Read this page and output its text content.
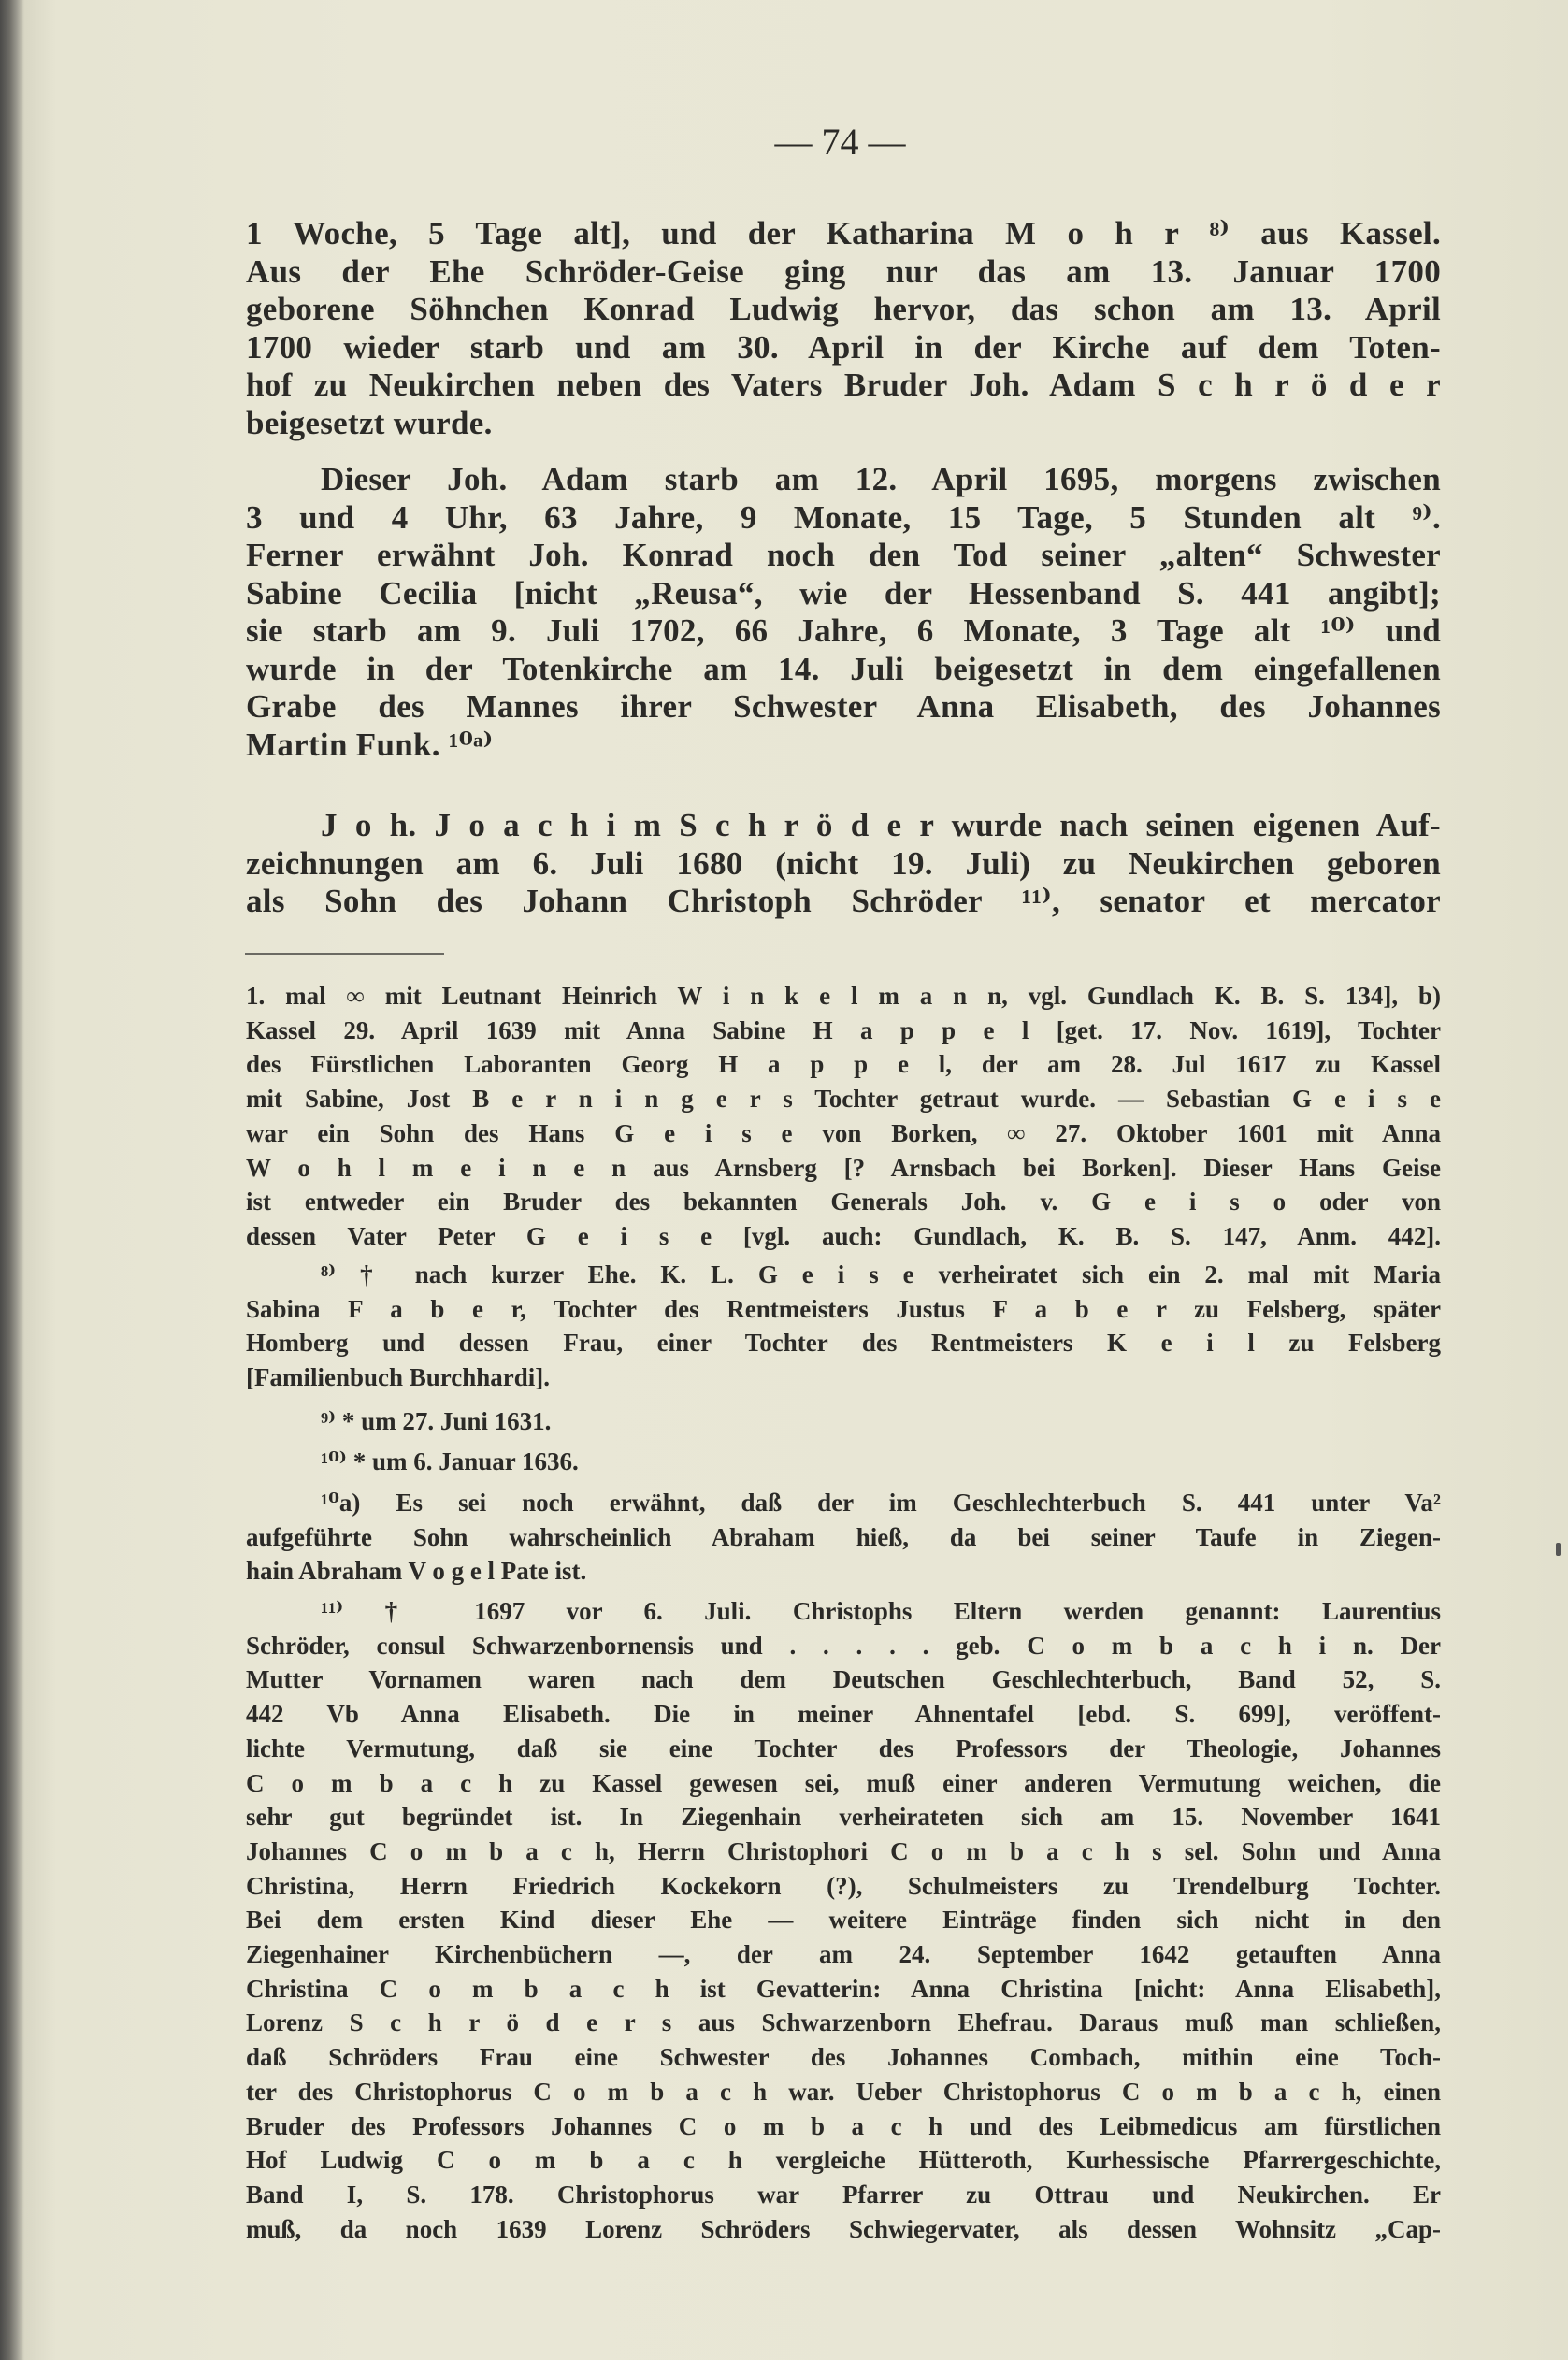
— 74 —
1 Woche, 5 Tage alt], und der Katharina M o h r ⁸⁾ aus Kassel.
Aus der Ehe Schröder-Geise ging nur das am 13. Januar 1700
geborene Söhnchen Konrad Ludwig hervor, das schon am 13. April
1700 wieder starb und am 30. April in der Kirche auf dem Toten-
hof zu Neukirchen neben des Vaters Bruder Joh. Adam S c h r ö d e r
beigesetzt wurde.
Dieser Joh. Adam starb am 12. April 1695, morgens zwischen
3 und 4 Uhr, 63 Jahre, 9 Monate, 15 Tage, 5 Stunden alt ⁹⁾.
Ferner erwähnt Joh. Konrad noch den Tod seiner „alten“ Schwester
Sabine Cecilia [nicht „Reusa“, wie der Hessenband S. 441 angibt];
sie starb am 9. Juli 1702, 66 Jahre, 6 Monate, 3 Tage alt ¹⁰⁾ und
wurde in der Totenkirche am 14. Juli beigesetzt in dem eingefallenen
Grabe des Mannes ihrer Schwester Anna Elisabeth, des Johannes
Martin Funk. ¹⁰ᵃ⁾
J o h. J o a c h i m S c h r ö d e r wurde nach seinen eigenen Auf-
zeichnungen am 6. Juli 1680 (nicht 19. Juli) zu Neukirchen geboren
als Sohn des Johann Christoph Schröder ¹¹⁾, senator et mercator
1. mal ∞ mit Leutnant Heinrich W i n k e l m a n n, vgl. Gundlach K. B. S. 134], b)
Kassel 29. April 1639 mit Anna Sabine H a p p e l [get. 17. Nov. 1619], Tochter
des Fürstlichen Laboranten Georg H a p p e l, der am 28. Jul 1617 zu Kassel
mit Sabine, Jost B e r n i n g e r s Tochter getraut wurde. — Sebastian G e i s e
war ein Sohn des Hans G e i s e von Borken, ∞ 27. Oktober 1601 mit Anna
W o h l m e i n e n aus Arnsberg [? Arnsbach bei Borken]. Dieser Hans Geise
ist entweder ein Bruder des bekannten Generals Joh. v. G e i s o oder von
dessen Vater Peter G e i s e [vgl. auch: Gundlach, K. B. S. 147, Anm. 442].
⁸⁾ † nach kurzer Ehe. K. L. G e i s e verheiratet sich ein 2. mal mit Maria
Sabina F a b e r, Tochter des Rentmeisters Justus F a b e r zu Felsberg, später
Homberg und dessen Frau, einer Tochter des Rentmeisters K e i l zu Felsberg
[Familienbuch Burchhardi].
⁹⁾ * um 27. Juni 1631.
¹⁰⁾ * um 6. Januar 1636.
¹⁰a) Es sei noch erwähnt, daß der im Geschlechterbuch S. 441 unter Va²
aufgeführte Sohn wahrscheinlich Abraham hieß, da bei seiner Taufe in Ziegen-
hain Abraham V o g e l Pate ist.
¹¹⁾ † 1697 vor 6. Juli. Christophs Eltern werden genannt: Laurentius
Schröder, consul Schwarzenbornensis und . . . . . geb. C o m b a c h i n. Der
Mutter Vornamen waren nach dem Deutschen Geschlechterbuch, Band 52, S.
442 Vb Anna Elisabeth. Die in meiner Ahnentafel [ebd. S. 699], veröffent-
lichte Vermutung, daß sie eine Tochter des Professors der Theologie, Johannes
C o m b a c h zu Kassel gewesen sei, muß einer anderen Vermutung weichen, die
sehr gut begründet ist. In Ziegenhain verheirateten sich am 15. November 1641
Johannes C o m b a c h, Herrn Christophori C o m b a c h s sel. Sohn und Anna
Christina, Herrn Friedrich Kockekorn (?), Schulmeisters zu Trendelburg Tochter.
Bei dem ersten Kind dieser Ehe — weitere Einträge finden sich nicht in den
Ziegenhainer Kirchenbüchern —, der am 24. September 1642 getauften Anna
Christina C o m b a c h ist Gevatterin: Anna Christina [nicht: Anna Elisabeth],
Lorenz S c h r ö d e r s aus Schwarzenborn Ehefrau. Daraus muß man schließen,
daß Schröders Frau eine Schwester des Johannes Combach, mithin eine Toch-
ter des Christophorus C o m b a c h war. Ueber Christophorus C o m b a c h, einen
Bruder des Professors Johannes C o m b a c h und des Leibmedicus am fürstlichen
Hof Ludwig C o m b a c h vergleiche Hütteroth, Kurhessische Pfarrergeschichte,
Band I, S. 178. Christophorus war Pfarrer zu Ottrau und Neukirchen. Er
muß, da noch 1639 Lorenz Schröders Schwiegervater, als dessen Wohnsitz „Cap-
